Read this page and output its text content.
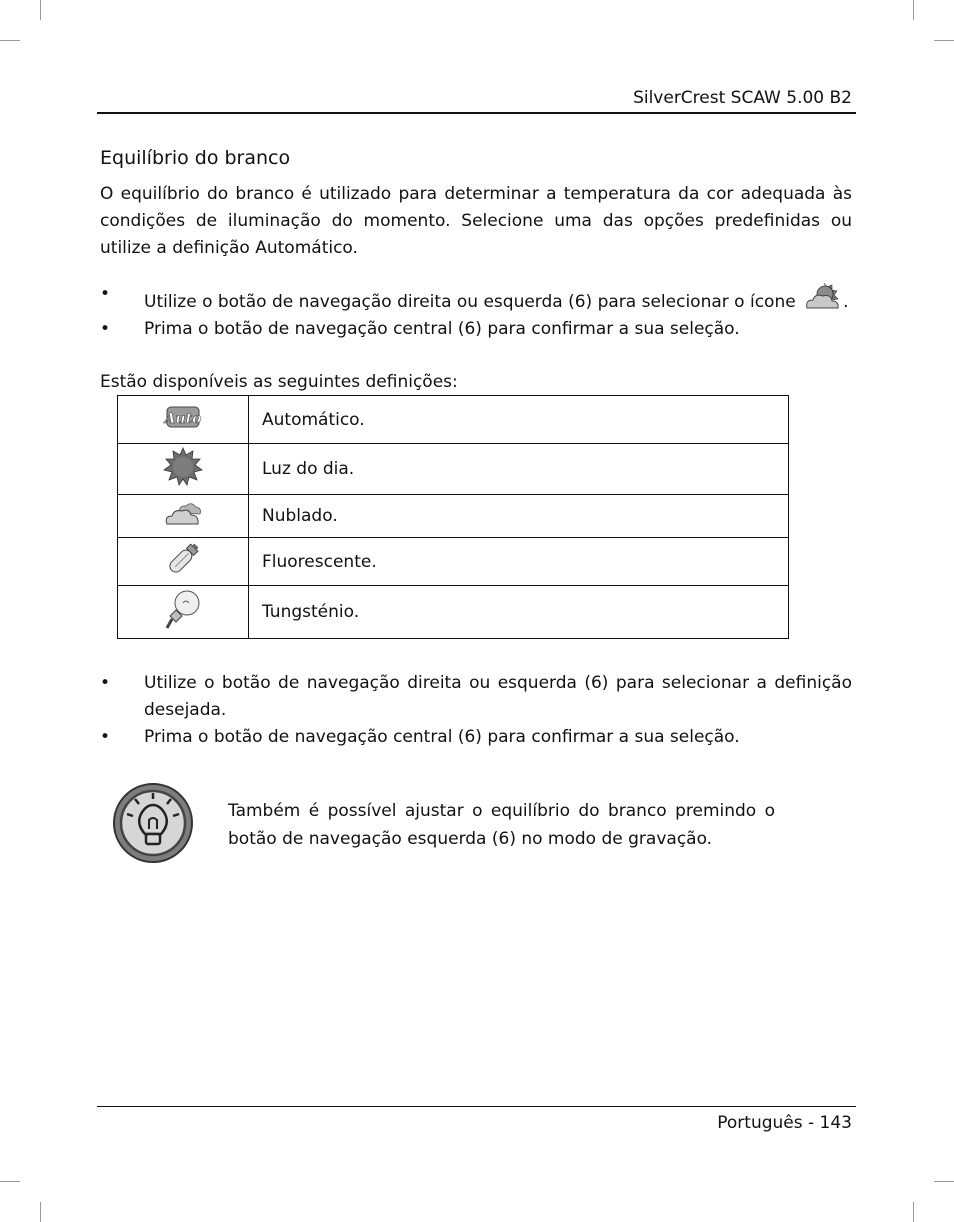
SilverCrest SCAW 5.00 B2
Equilíbrio do branco
O equilíbrio do branco é utilizado para determinar a temperatura da cor adequada às condições de iluminação do momento. Selecione uma das opções predefinidas ou utilize a definição Automático.
• Utilize o botão de navegação direita ou esquerda (6) para selecionar o ícone	.
• Prima o botão de navegação central (6) para confirmar a sua seleção.
Estão disponíveis as seguintes definições:
Auto	Automático.
	Luz do dia.
	Nublado.
	Fluorescente.
	Tungsténio.
• Utilize o botão de navegação direita ou esquerda (6) para selecionar a definição desejada.
• Prima o botão de navegação central (6) para confirmar a sua seleção.
Também é possível ajustar o equilíbrio do branco premindo o botão de navegação esquerda (6) no modo de gravação.
Português - 143
